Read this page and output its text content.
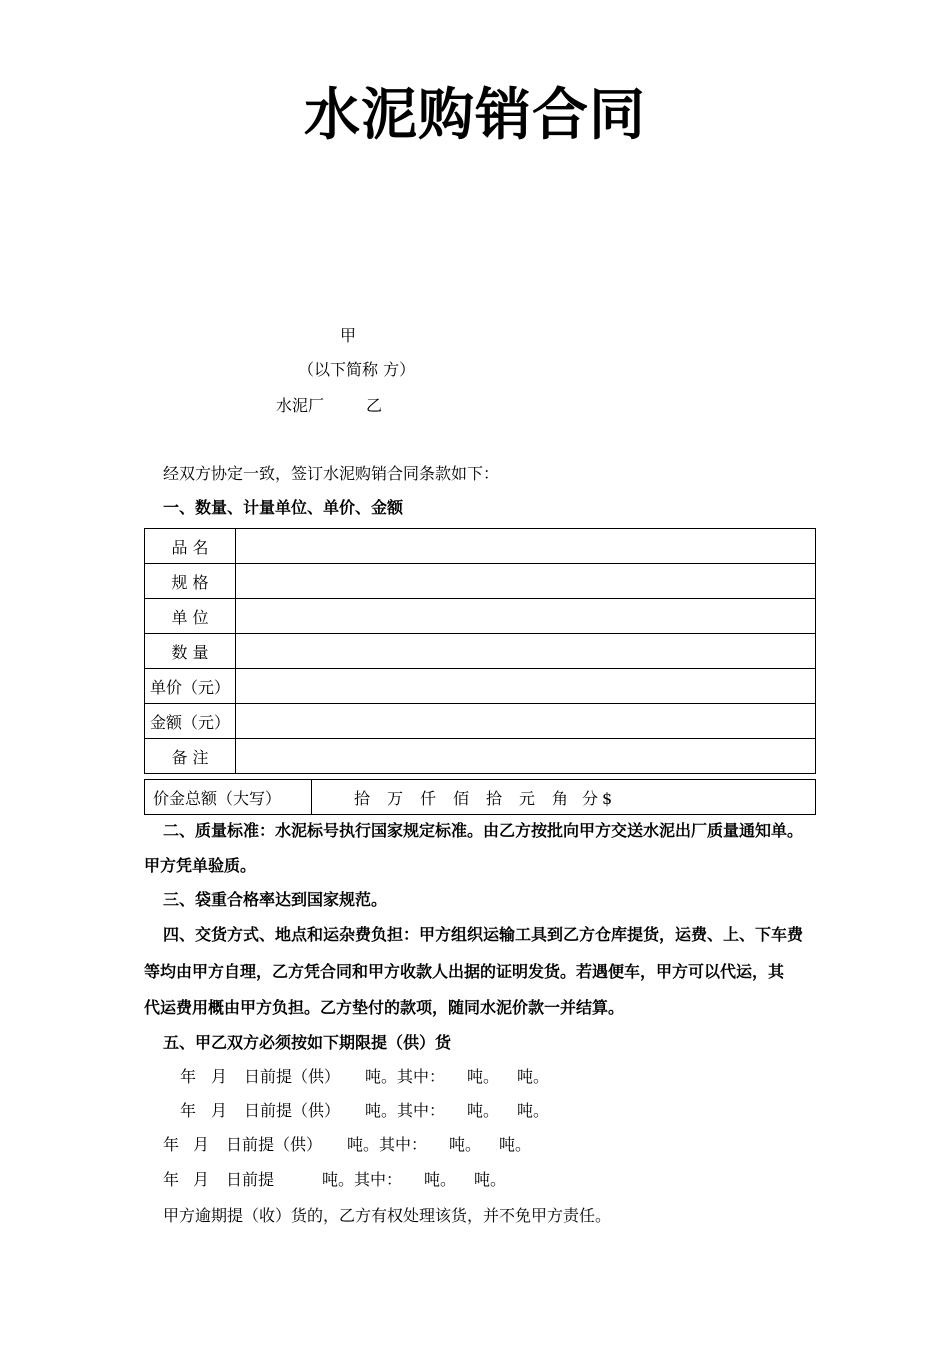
水泥购销合同
甲
（以下简称 方）
水泥厂	乙
经双方协定一致，签订水泥购销合同条款如下：
一、数量、计量单位、单价、金额
品 名	
规 格	
单 位	
数 量	
单价（元）	
金额（元）	
备 注	
价金总额（大写）	拾 万 仟 佰 拾 元 角 分 $
二、质量标准：水泥标号执行国家规定标准。由乙方按批向甲方交送水泥出厂质量通知单。
甲方凭单验质。
三、袋重合格率达到国家规范。
四、交货方式、地点和运杂费负担：甲方组织运输工具到乙方仓库提货，运费、上、下车费
等均由甲方自理，乙方凭合同和甲方收款人出据的证明发货。若遇便车，甲方可以代运，其
代运费用概由甲方负担。乙方垫付的款项，随同水泥价款一并结算。
五、甲乙双方必须按如下期限提（供）货
年 月 日前提（供） 吨。其中： 吨。 吨。
年 月 日前提（供） 吨。其中： 吨。 吨。
年 月 日前提（供） 吨。其中： 吨。 吨。
年 月 日前提	吨。其中： 吨。 吨。
甲方逾期提（收）货的，乙方有权处理该货，并不免甲方责任。
